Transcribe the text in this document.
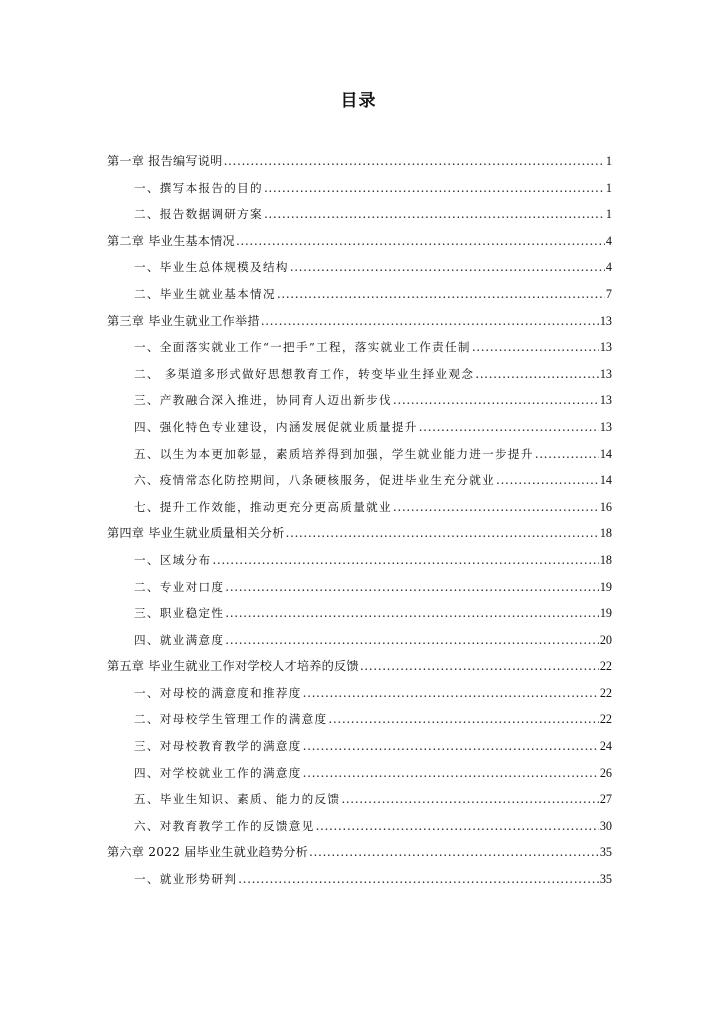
目录
第一章 报告编写说明 .....	1
一、撰写本报告的目的 .....	1
二、报告数据调研方案 .....	1
第二章 毕业生基本情况 .....	4
一、毕业生总体规模及结构 .....	4
二、毕业生就业基本情况 .....	7
第三章 毕业生就业工作举措 .....	13
一、全面落实就业工作“一把手”工程，落实就业工作责任制 .....	13
二、 多渠道多形式做好思想教育工作，转变毕业生择业观念 .....	13
三、产教融合深入推进，协同育人迈出新步伐 .....	13
四、强化特色专业建设，内涵发展促就业质量提升 .....	13
五、以生为本更加彰显，素质培养得到加强，学生就业能力进一步提升 .....	14
六、疫情常态化防控期间，八条硬核服务，促进毕业生充分就业 .....	14
七、提升工作效能，推动更充分更高质量就业 .....	16
第四章 毕业生就业质量相关分析 .....	18
一、区域分布 .....	18
二、专业对口度 .....	19
三、职业稳定性 .....	19
四、就业满意度 .....	20
第五章 毕业生就业工作对学校人才培养的反馈 .....	22
一、对母校的满意度和推荐度 .....	22
二、对母校学生管理工作的满意度 .....	22
三、对母校教育教学的满意度 .....	24
四、对学校就业工作的满意度 .....	26
五、毕业生知识、素质、能力的反馈 .....	27
六、对教育教学工作的反馈意见 .....	30
第六章 2022 届毕业生就业趋势分析 .....	35
一、就业形势研判 .....	35
